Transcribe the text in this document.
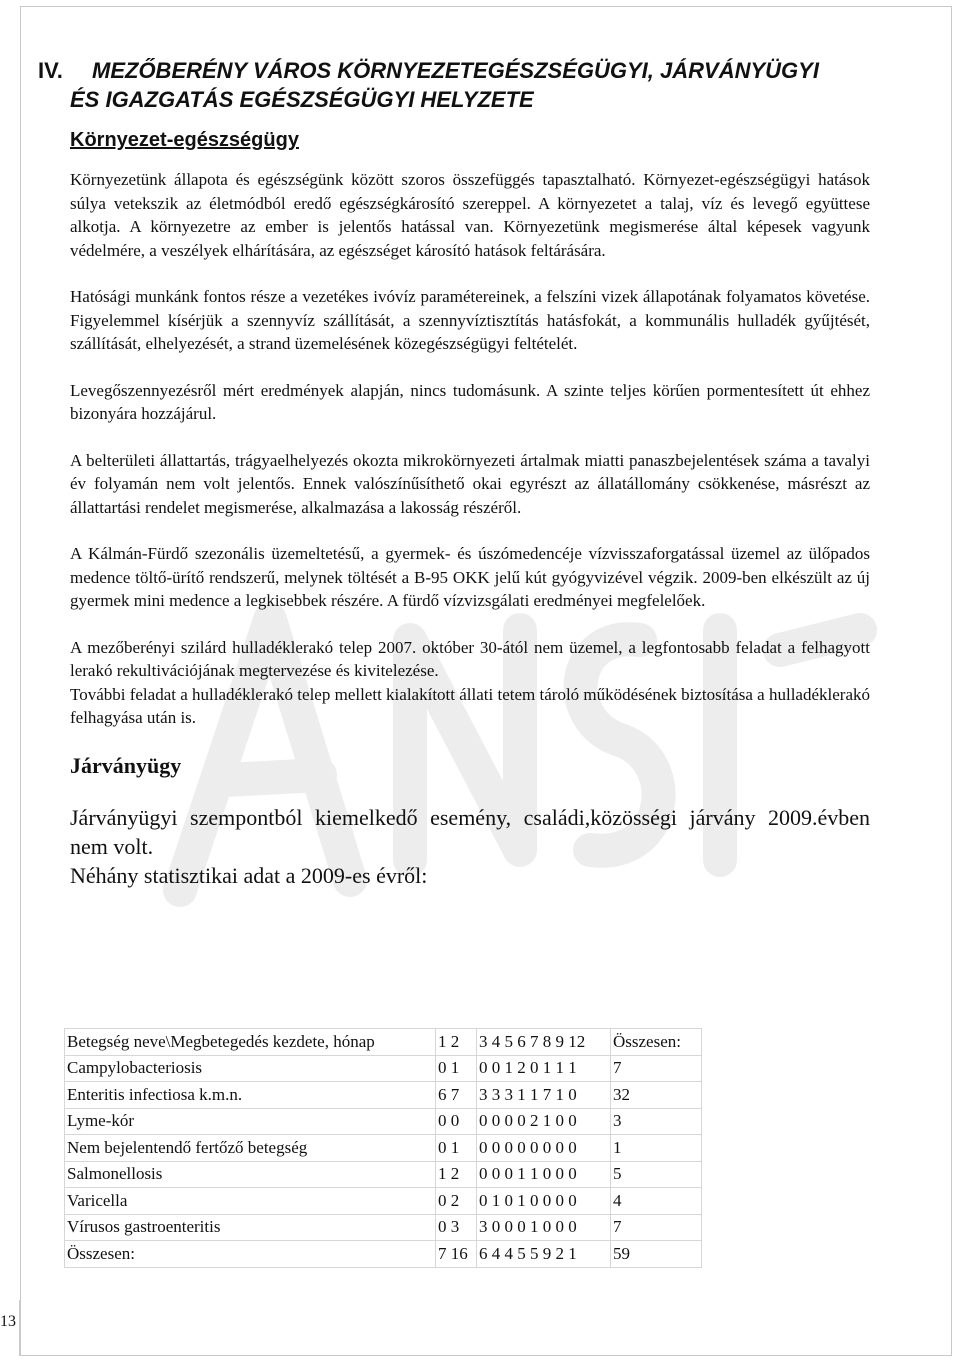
IV. MEZŐBERÉNY VÁROS KÖRNYEZETEGÉSZSÉGÜGYI, JÁRVÁNYÜGYI
ÉS IGAZGATÁS EGÉSZSÉGÜGYI HELYZETE
Környezet-egészségügy

Környezetünk állapota és egészségünk között szoros összefüggés tapasztalható. Környezet-egészségügyi hatások súlya vetekszik az életmódból eredő egészségkárosító szereppel. A környezetet a talaj, víz és levegő együttese alkotja. A környezetre az ember is jelentős hatással van. Környezetünk megismerése által képesek vagyunk védelmére, a veszélyek elhárítására, az egészséget károsító hatások feltárására.

Hatósági munkánk fontos része a vezetékes ivóvíz paramétereinek, a felszíni vizek állapotának folyamatos követése. Figyelemmel kísérjük a szennyvíz szállítását, a szennyvíztisztítás hatásfokát, a kommunális hulladék gyűjtését, szállítását, elhelyezését, a strand üzemelésének közegészségügyi feltételét.

Levegőszennyezésről mért eredmények alapján, nincs tudomásunk. A szinte teljes körűen pormentesített út ehhez bizonyára hozzájárul.

A belterületi állattartás, trágyaelhelyezés okozta mikrokörnyezeti ártalmak miatti panaszbejelentések száma a tavalyi év folyamán nem volt jelentős. Ennek valószínűsíthető okai egyrészt az állatállomány csökkenése, másrészt az állattartási rendelet megismerése, alkalmazása a lakosság részéről.

A Kálmán-Fürdő szezonális üzemeltetésű, a gyermek- és úszómedencéje vízvisszaforgatással üzemel az ülőpados medence töltő-ürítő rendszerű, melynek töltését a B-95 OKK jelű kút gyógyvizével végzik. 2009-ben elkészült az új gyermek mini medence a legkisebbek részére. A fürdő vízvizsgálati eredményei megfelelőek.

A mezőberényi szilárd hulladéklerakó telep 2007. október 30-ától nem üzemel, a legfontosabb feladat a felhagyott lerakó rekultivációjának megtervezése és kivitelezése.

További feladat a hulladéklerakó telep mellett kialakított állati tetem tároló működésének biztosítása a hulladéklerakó felhagyása után is.

Járványügy

Járványügyi szempontból kiemelkedő esemény, családi,közösségi járvány 2009.évben nem volt.

Néhány statisztikai adat a 2009-es évről:

Betegség neve\Megbetegedés kezdete, hónap	1 2	3 4 5 6 7 8 9 12	Összesen:
Campylobacteriosis	0 1	0 0 1 2 0 1 1 1	7
Enteritis infectiosa k.m.n.	6 7	3 3 3 1 1 7 1 0	32
Lyme-kór	0 0	0 0 0 0 2 1 0 0	3
Nem bejelentendő fertőző betegség	0 1	0 0 0 0 0 0 0 0	1
Salmonellosis	1 2	0 0 0 1 1 0 0 0	5
Varicella	0 2	0 1 0 1 0 0 0 0	4
Vírusos gastroenteritis	0 3	3 0 0 0 1 0 0 0	7
Összesen:	7 16	6 4 4 5 5 9 2 1	59
13
